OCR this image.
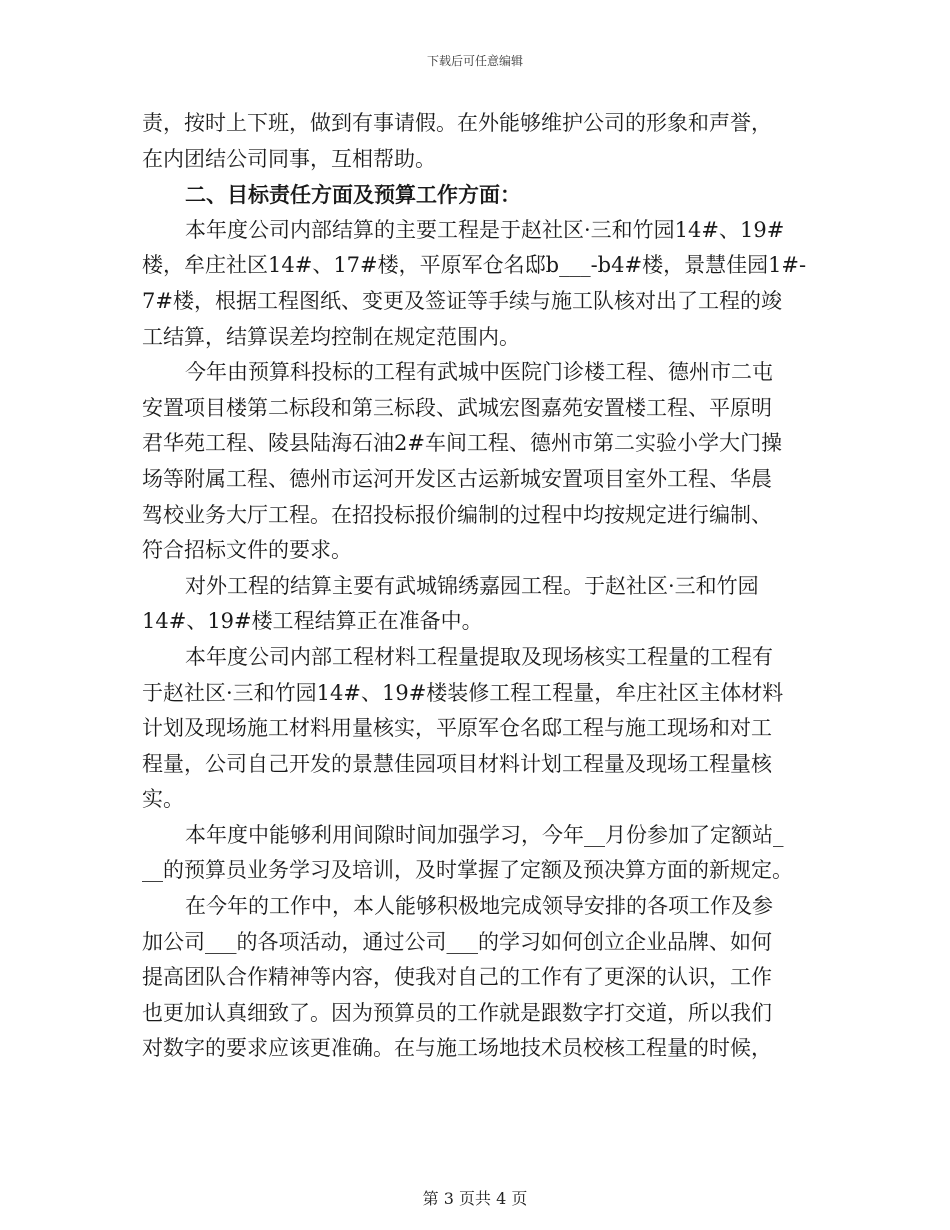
下载后可任意编辑
责，按时上下班，做到有事请假。在外能够维护公司的形象和声誉，
在内团结公司同事，互相帮助。
二、目标责任方面及预算工作方面：
本年度公司内部结算的主要工程是于赵社区·三和竹园14#、19#
楼，牟庄社区14#、17#楼，平原军仓名邸b___-b4#楼，景慧佳园1#-
7#楼，根据工程图纸、变更及签证等手续与施工队核对出了工程的竣
工结算，结算误差均控制在规定范围内。
今年由预算科投标的工程有武城中医院门诊楼工程、德州市二屯
安置项目楼第二标段和第三标段、武城宏图嘉苑安置楼工程、平原明
君华苑工程、陵县陆海石油2#车间工程、德州市第二实验小学大门操
场等附属工程、德州市运河开发区古运新城安置项目室外工程、华晨
驾校业务大厅工程。在招投标报价编制的过程中均按规定进行编制、
符合招标文件的要求。
对外工程的结算主要有武城锦绣嘉园工程。于赵社区·三和竹园
14#、19#楼工程结算正在准备中。
本年度公司内部工程材料工程量提取及现场核实工程量的工程有
于赵社区·三和竹园14#、19#楼装修工程工程量，牟庄社区主体材料
计划及现场施工材料用量核实，平原军仓名邸工程与施工现场和对工
程量，公司自己开发的景慧佳园项目材料计划工程量及现场工程量核
实。
本年度中能够利用间隙时间加强学习，今年__月份参加了定额站_
__的预算员业务学习及培训，及时掌握了定额及预决算方面的新规定。
在今年的工作中，本人能够积极地完成领导安排的各项工作及参
加公司___的各项活动，通过公司___的学习如何创立企业品牌、如何
提高团队合作精神等内容，使我对自己的工作有了更深的认识，工作
也更加认真细致了。因为预算员的工作就是跟数字打交道，所以我们
对数字的要求应该更准确。在与施工场地技术员校核工程量的时候，
第 3 页共 4 页
